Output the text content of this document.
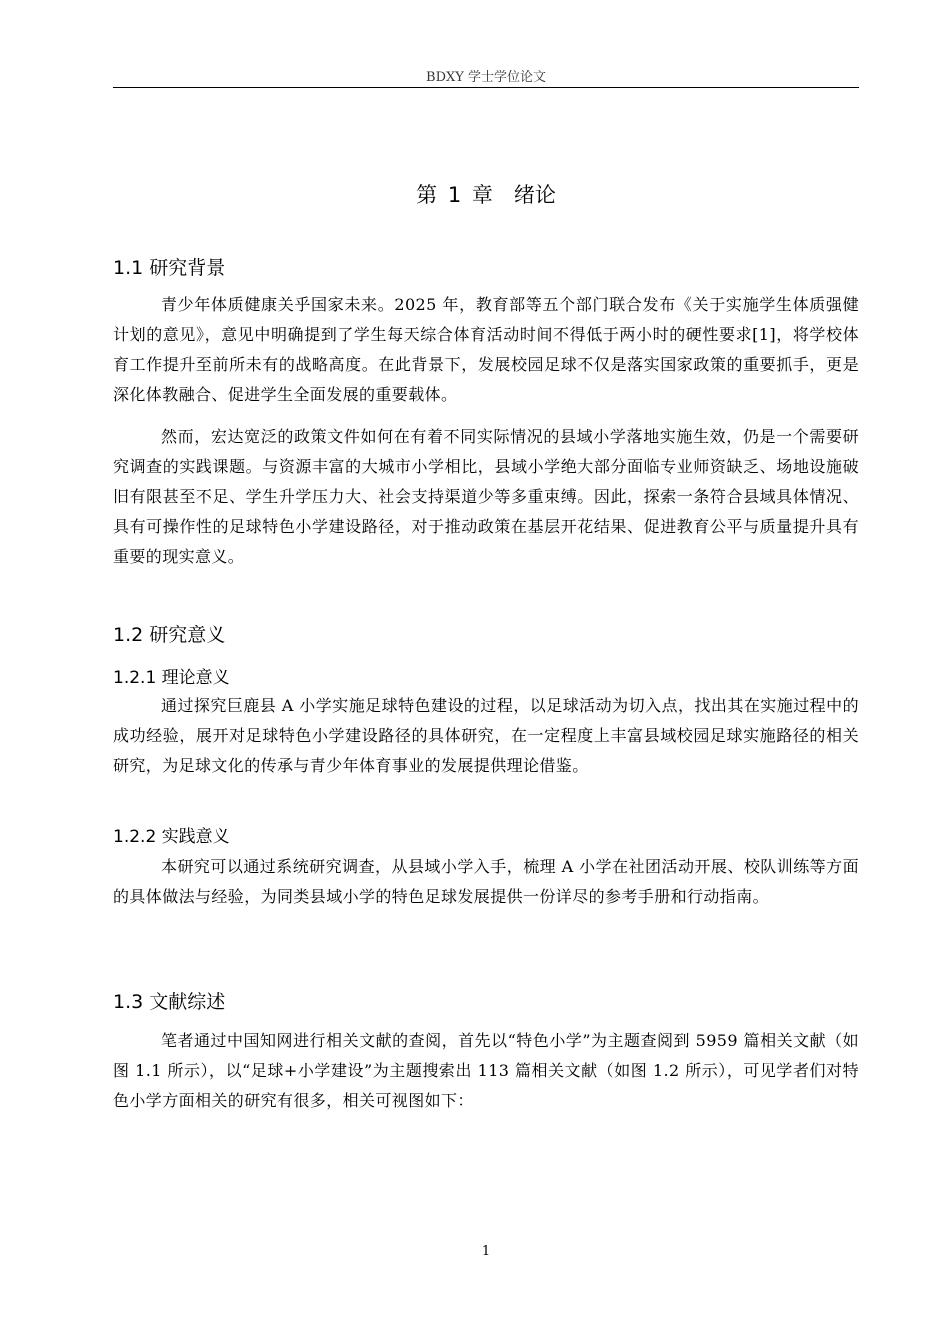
BDXY 学士学位论文
第 1 章　绪论
1.1 研究背景

青少年体质健康关乎国家未来。2025 年，教育部等五个部门联合发布《关于实施学生体质强健计划的意见》，意见中明确提到了学生每天综合体育活动时间不得低于两小时的硬性要求[1]，将学校体育工作提升至前所未有的战略高度。在此背景下，发展校园足球不仅是落实国家政策的重要抓手，更是深化体教融合、促进学生全面发展的重要载体。

然而，宏达宽泛的政策文件如何在有着不同实际情况的县域小学落地实施生效，仍是一个需要研究调查的实践课题。与资源丰富的大城市小学相比，县域小学绝大部分面临专业师资缺乏、场地设施破旧有限甚至不足、学生升学压力大、社会支持渠道少等多重束缚。因此，探索一条符合县域具体情况、具有可操作性的足球特色小学建设路径，对于推动政策在基层开花结果、促进教育公平与质量提升具有重要的现实意义。

1.2 研究意义
1.2.1 理论意义

通过探究巨鹿县 A 小学实施足球特色建设的过程，以足球活动为切入点，找出其在实施过程中的成功经验，展开对足球特色小学建设路径的具体研究，在一定程度上丰富县域校园足球实施路径的相关研究，为足球文化的传承与青少年体育事业的发展提供理论借鉴。

1.2.2 实践意义

本研究可以通过系统研究调查，从县域小学入手，梳理 A 小学在社团活动开展、校队训练等方面的具体做法与经验，为同类县域小学的特色足球发展提供一份详尽的参考手册和行动指南。

1.3 文献综述

笔者通过中国知网进行相关文献的查阅，首先以“特色小学”为主题查阅到 5959 篇相关文献（如图 1.1 所示），以“足球+小学建设”为主题搜索出 113 篇相关文献（如图 1.2 所示），可见学者们对特色小学方面相关的研究有很多，相关可视图如下：

1
